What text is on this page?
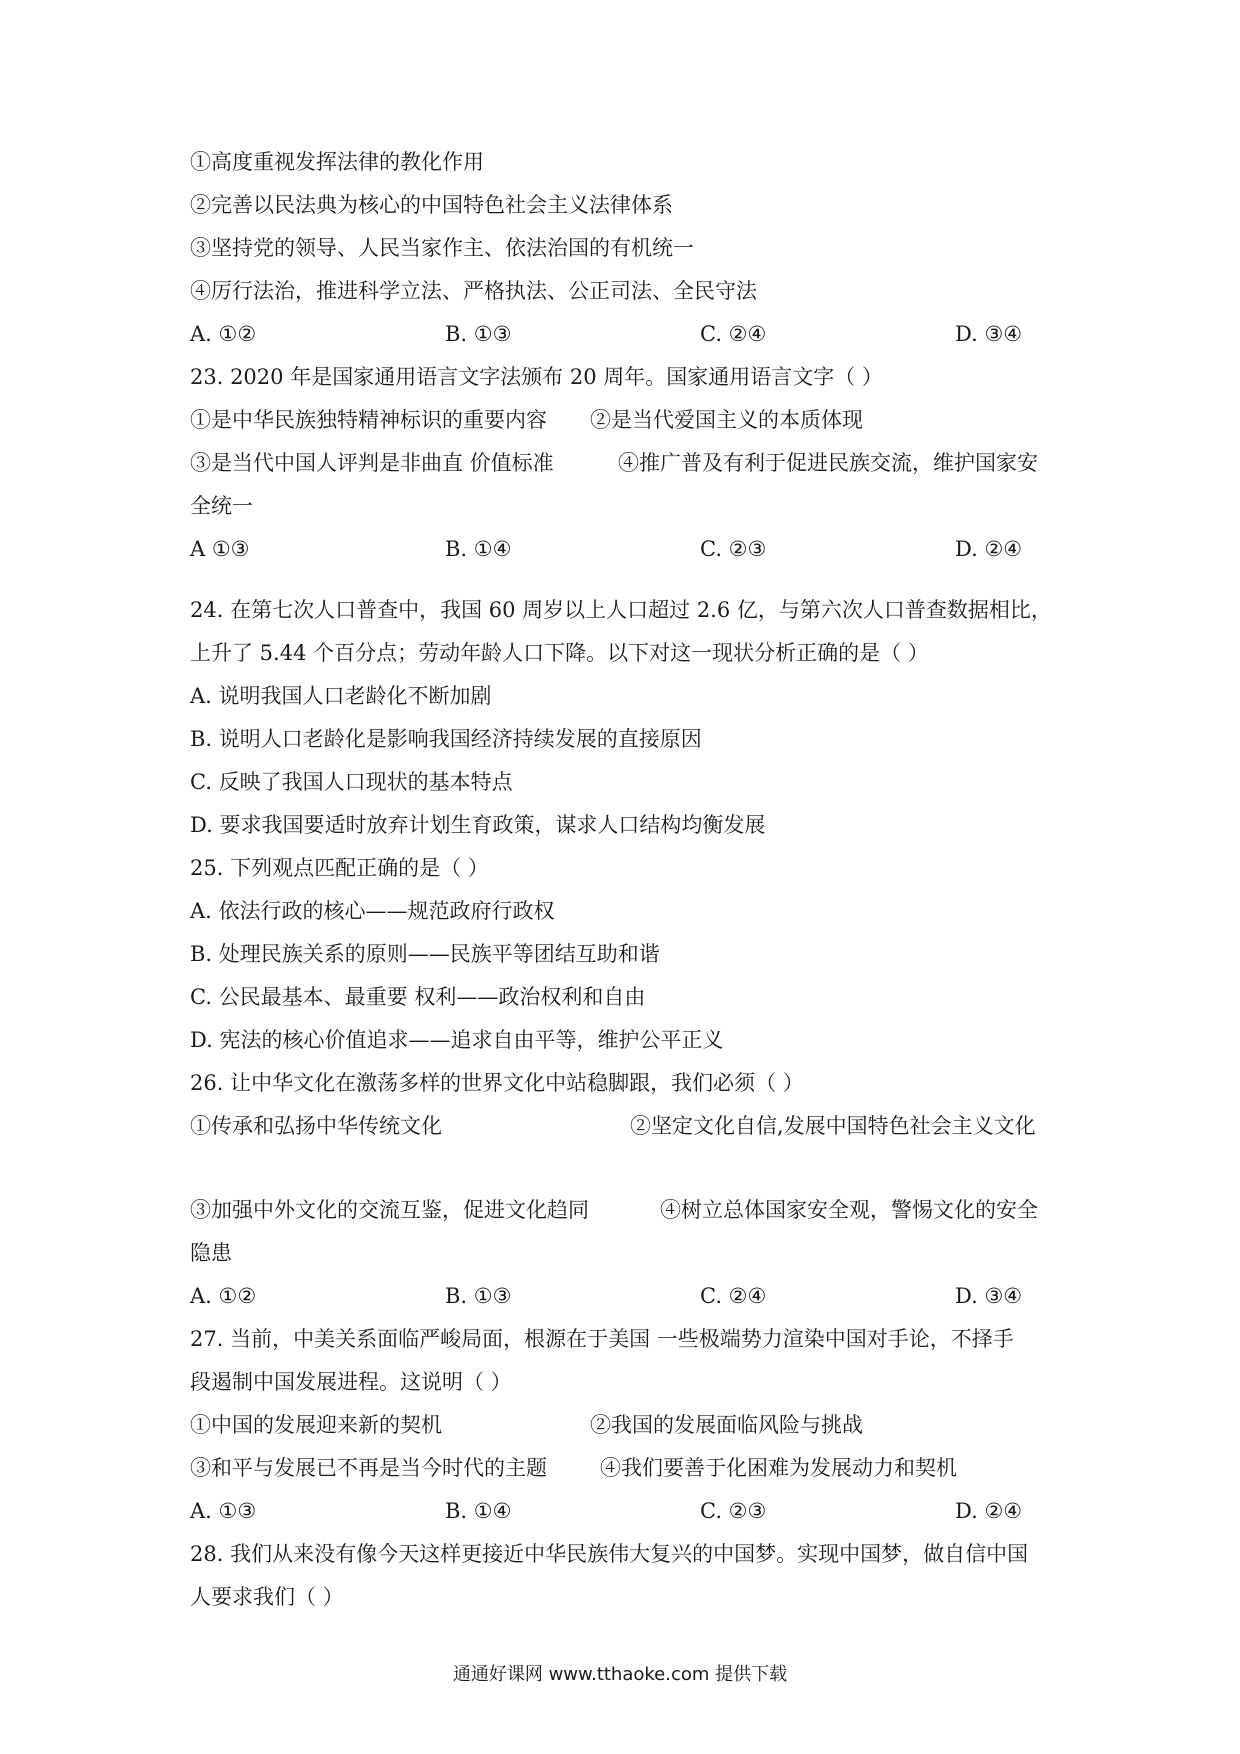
①高度重视发挥法律的教化作用
②完善以民法典为核心的中国特色社会主义法律体系
③坚持党的领导、人民当家作主、依法治国的有机统一
④厉行法治，推进科学立法、严格执法、公正司法、全民守法
A. ①②	B. ①③	C. ②④	D. ③④
23. 2020 年是国家通用语言文字法颁布 20 周年。国家通用语言文字（ ）
①是中华民族独特精神标识的重要内容 ②是当代爱国主义的本质体现
③是当代中国人评判是非曲直 价值标准	④推广普及有利于促进民族交流，维护国家安
全统一
A ①③	B. ①④	C. ②③	D. ②④
24. 在第七次人口普查中，我国 60 周岁以上人口超过 2.6 亿，与第六次人口普查数据相比，
上升了 5.44 个百分点；劳动年龄人口下降。以下对这一现状分析正确的是（ ）
A. 说明我国人口老龄化不断加剧
B. 说明人口老龄化是影响我国经济持续发展的直接原因
C. 反映了我国人口现状的基本特点
D. 要求我国要适时放弃计划生育政策，谋求人口结构均衡发展
25. 下列观点匹配正确的是（ ）
A. 依法行政的核心——规范政府行政权
B. 处理民族关系的原则——民族平等团结互助和谐
C. 公民最基本、最重要 权利——政治权利和自由
D. 宪法的核心价值追求——追求自由平等，维护公平正义
26. 让中华文化在激荡多样的世界文化中站稳脚跟，我们必须（ ）
①传承和弘扬中华传统文化	②坚定文化自信,发展中国特色社会主义文化
③加强中外文化的交流互鉴，促进文化趋同	④树立总体国家安全观，警惕文化的安全
隐患
A. ①②	B. ①③	C. ②④	D. ③④
27. 当前，中美关系面临严峻局面，根源在于美国 一些极端势力渲染中国对手论，不择手
段遏制中国发展进程。这说明（ ）
①中国的发展迎来新的契机	②我国的发展面临风险与挑战
③和平与发展已不再是当今时代的主题	④我们要善于化困难为发展动力和契机
A. ①③	B. ①④	C. ②③	D. ②④
28. 我们从来没有像今天这样更接近中华民族伟大复兴的中国梦。实现中国梦，做自信中国
人要求我们（ ）
通通好课网 www.tthaoke.com 提供下载
